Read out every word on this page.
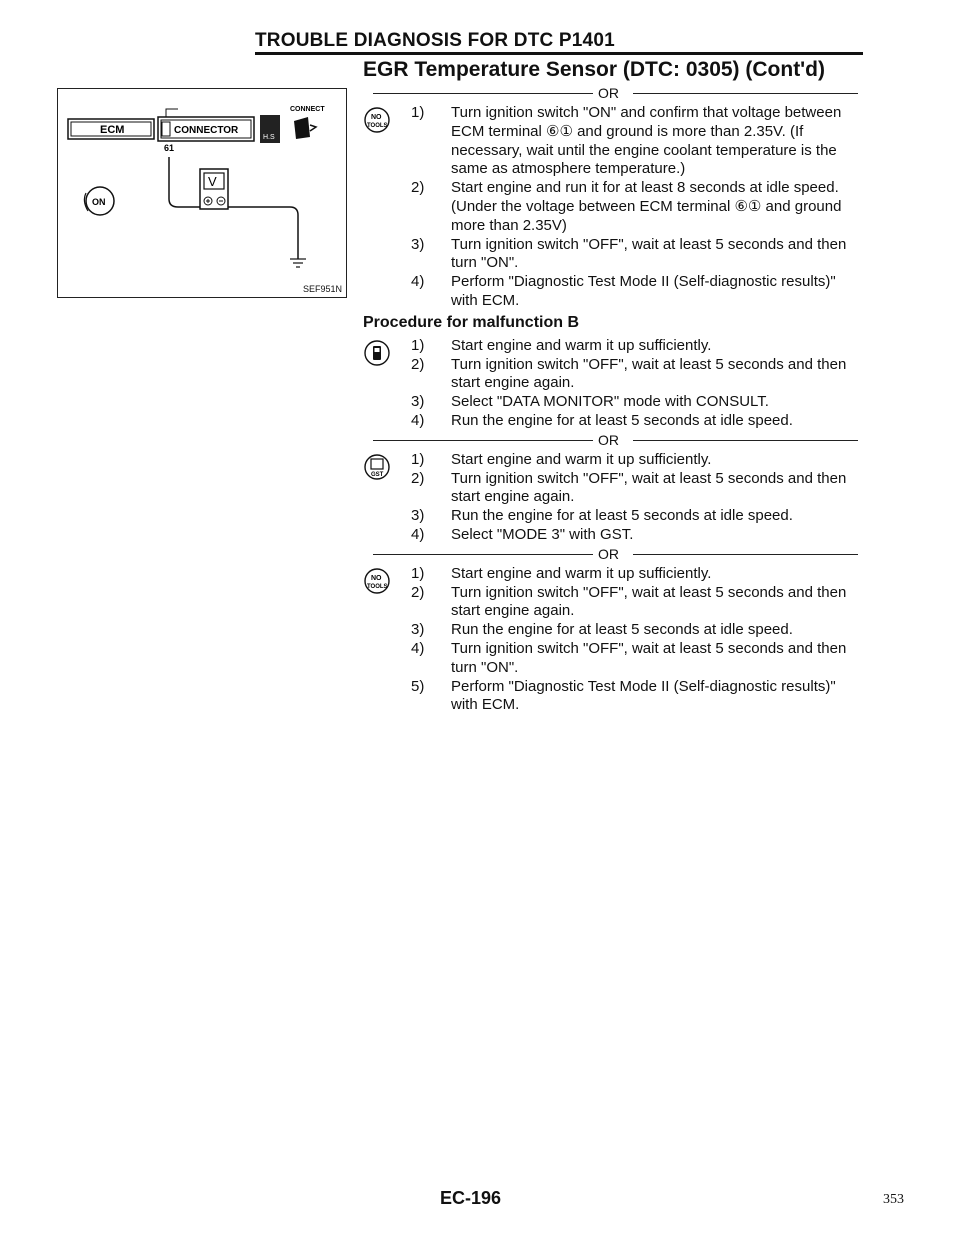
TROUBLE DIAGNOSIS FOR DTC P1401
EGR Temperature Sensor (DTC: 0305) (Cont'd)
ECM	CONNECTOR
61
H.S
CONNECT
V
ON
SEF951N
OR
NO
TOOLS
1)	Turn ignition switch "ON" and confirm that voltage between ECM terminal ⑥① and ground is more than 2.35V. (If necessary, wait until the engine coolant temperature is the same as atmosphere temperature.)
2)	Start engine and run it for at least 8 seconds at idle speed. (Under the voltage between ECM terminal ⑥① and ground more than 2.35V)
3)	Turn ignition switch "OFF", wait at least 5 seconds and then turn "ON".
4)	Perform "Diagnostic Test Mode II (Self-diagnostic results)" with ECM.
Procedure for malfunction B
1)	Start engine and warm it up sufficiently.
2)	Turn ignition switch "OFF", wait at least 5 seconds and then start engine again.
3)	Select "DATA MONITOR" mode with CONSULT.
4)	Run the engine for at least 5 seconds at idle speed.
OR
GST
1)	Start engine and warm it up sufficiently.
2)	Turn ignition switch "OFF", wait at least 5 seconds and then start engine again.
3)	Run the engine for at least 5 seconds at idle speed.
4)	Select "MODE 3" with GST.
OR
NO
TOOLS
1)	Start engine and warm it up sufficiently.
2)	Turn ignition switch "OFF", wait at least 5 seconds and then start engine again.
3)	Run the engine for at least 5 seconds at idle speed.
4)	Turn ignition switch "OFF", wait at least 5 seconds and then turn "ON".
5)	Perform "Diagnostic Test Mode II (Self-diagnostic results)" with ECM.
EC-196	353
